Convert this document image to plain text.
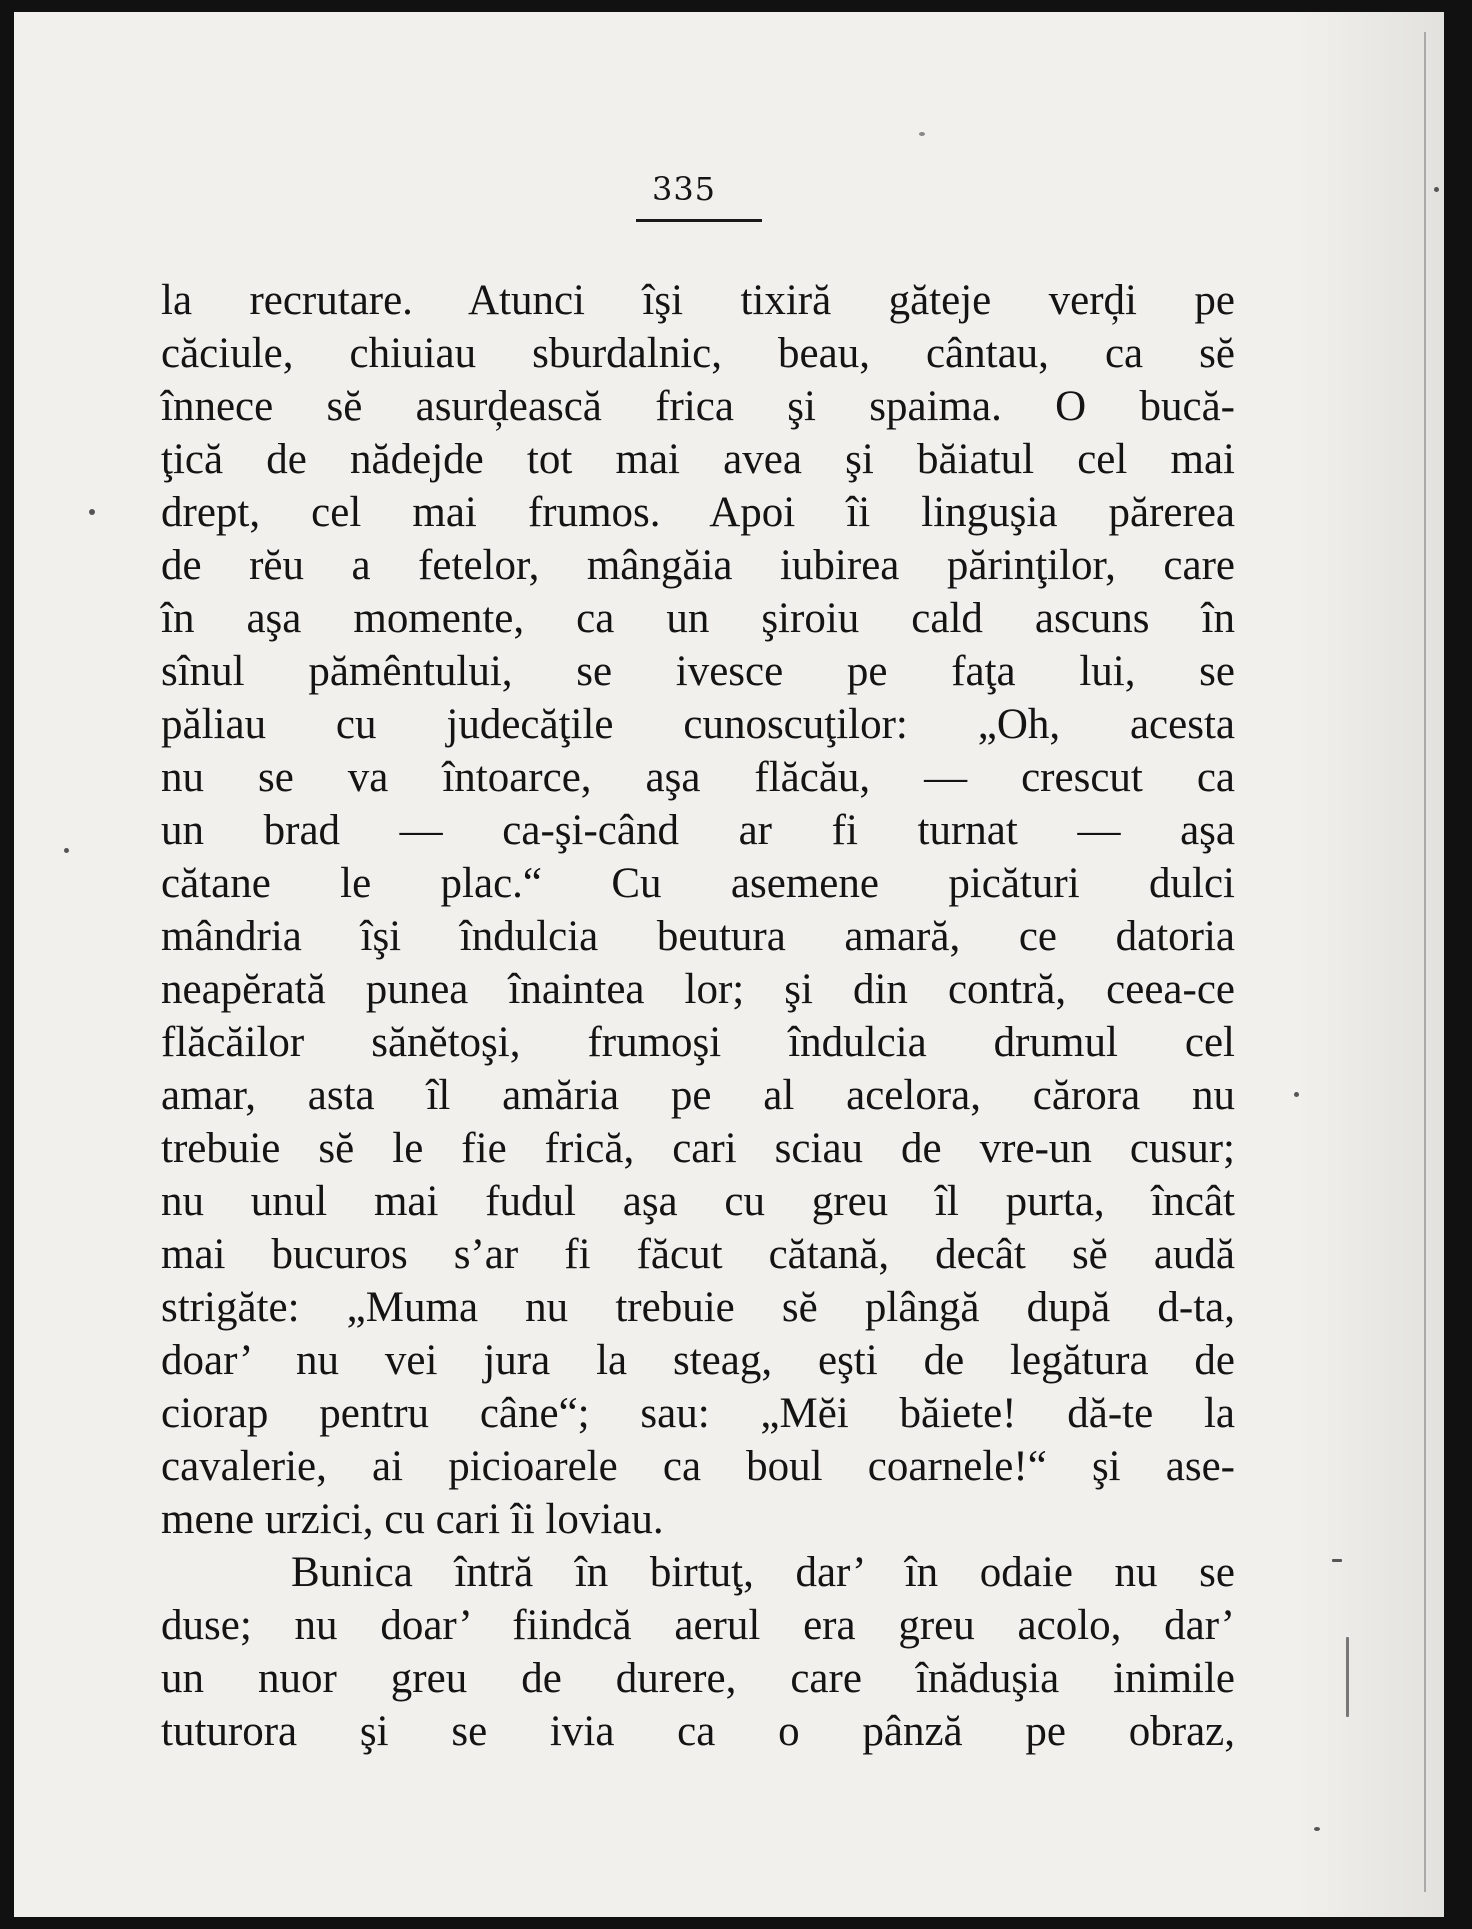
335
la recrutare. Atunci îşi tixiră găteje verḑi pe
căciule, chiuiau sburdalnic, beau, cântau, ca sĕ
înnece sĕ asurḑească frica şi spaima. O bucă-
ţică de nădejde tot mai avea şi băiatul cel mai
drept, cel mai frumos. Apoi îi linguşia părerea
de rĕu a fetelor, mângăia iubirea părinţilor, care
în aşa momente, ca un şiroiu cald ascuns în
sînul pămêntului, se ivesce pe faţa lui, se
păliau cu judecăţile cunoscuţilor: „Oh, acesta
nu se va întoarce, aşa flăcău, — crescut ca
un brad — ca-şi-când ar fi turnat — aşa
cătane le plac.“ Cu asemene picături dulci
mândria îşi îndulcia beutura amară, ce datoria
neapĕrată punea înaintea lor; şi din contră, ceea-ce
flăcăilor sănĕtoşi, frumoşi îndulcia drumul cel
amar, asta îl amăria pe al acelora, cărora nu
trebuie sĕ le fie frică, cari sciau de vre-un cusur;
nu unul mai fudul aşa cu greu îl purta, încât
mai bucuros s’ar fi făcut cătană, decât sĕ audă
strigăte: „Muma nu trebuie sĕ plângă după d-ta,
doar’ nu vei jura la steag, eşti de legătura de
ciorap pentru câne“; sau: „Mĕi băiete! dă-te la
cavalerie, ai picioarele ca boul coarnele!“ şi ase-
mene urzici, cu cari îi loviau.
Bunica întră în birtuţ, dar’ în odaie nu se
duse; nu doar’ fiindcă aerul era greu acolo, dar’
un nuor greu de durere, care înăduşia inimile
tuturora şi se ivia ca o pânză pe obraz,
